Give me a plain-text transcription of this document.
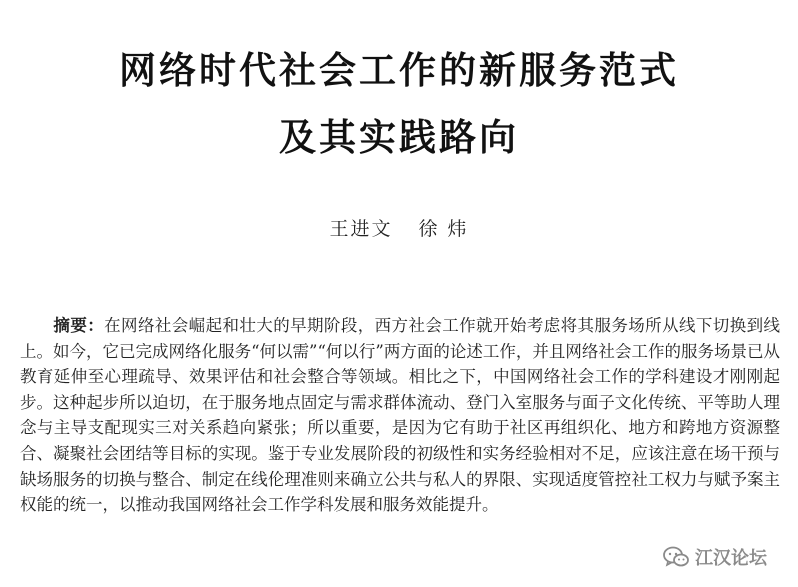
网络时代社会工作的新服务范式
及其实践路向
王进文 徐 炜
摘要：在网络社会崛起和壮大的早期阶段，西方社会工作就开始考虑将其服务场所从线下切换到线上。如今，它已完成网络化服务“何以需”“何以行”两方面的论述工作，并且网络社会工作的服务场景已从教育延伸至心理疏导、效果评估和社会整合等领域。相比之下，中国网络社会工作的学科建设才刚刚起步。这种起步所以迫切，在于服务地点固定与需求群体流动、登门入室服务与面子文化传统、平等助人理念与主导支配现实三对关系趋向紧张；所以重要，是因为它有助于社区再组织化、地方和跨地方资源整合、凝聚社会团结等目标的实现。鉴于专业发展阶段的初级性和实务经验相对不足，应该注意在场干预与缺场服务的切换与整合、制定在线伦理准则来确立公共与私人的界限、实现适度管控社工权力与赋予案主权能的统一，以推动我国网络社会工作学科发展和服务效能提升。
江汉论坛
